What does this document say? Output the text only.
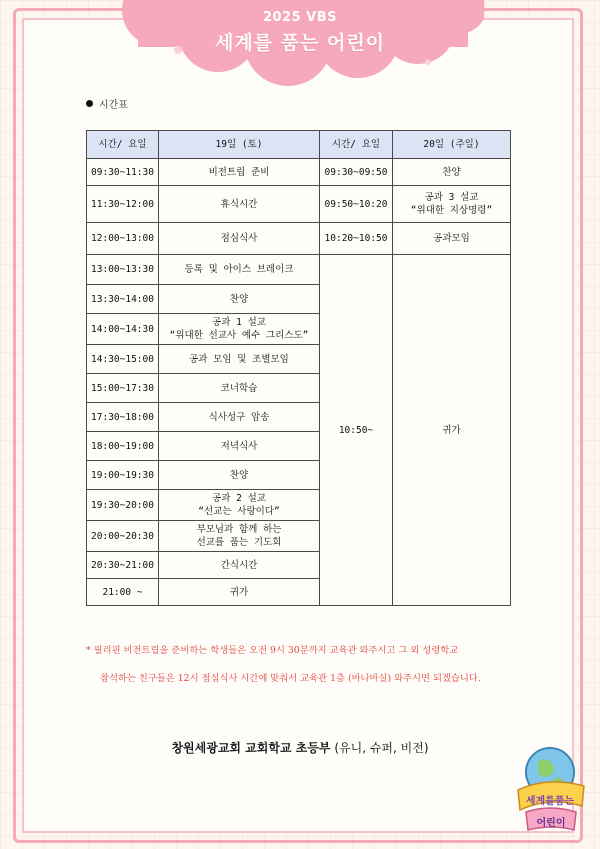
2025 VBS
세계를 품는 어린이
시간표
시간/ 요일	19일 (토)	시간/ 요일	20일 (주일)
09:30~11:30	비전트립 준비	09:30~09:50	찬양
11:30~12:00	휴식시간	09:50~10:20	공과 3 설교
“위대한 지상명령”

12:00~13:00	점심식사	10:20~10:50	공과모임
13:00~13:30	등록 및 아이스 브레이크	10:50~	귀가
13:30~14:00	찬양		
14:00~14:30	공과 1 설교
“위대한 선교사 예수 그리스도”		

14:30~15:00	공과 모임 및 조별모임		
15:00~17:30	코너학습		
17:30~18:00	식사성구 암송		
18:00~19:00	저녁식사		
19:00~19:30	찬양		
19:30~20:00	공과 2 설교
“선교는 사랑이다”		

20:00~20:30	부모님과 함께 하는
선교를 품는 기도회		

20:30~21:00	간식시간		
21:00 ~	귀가		
* 필리핀 비전트립을 준비하는 학생들은 오전 9시 30분까지 교육관 와주시고 그 외 성령학교
참석하는 친구들은 12시 점심식사 시간에 맞춰서 교육관 1층 (바나바실) 와주시면 되겠습니다.
창원세광교회 교회학교 초등부 (유니, 슈퍼, 비전)
세계를품는
어린이
